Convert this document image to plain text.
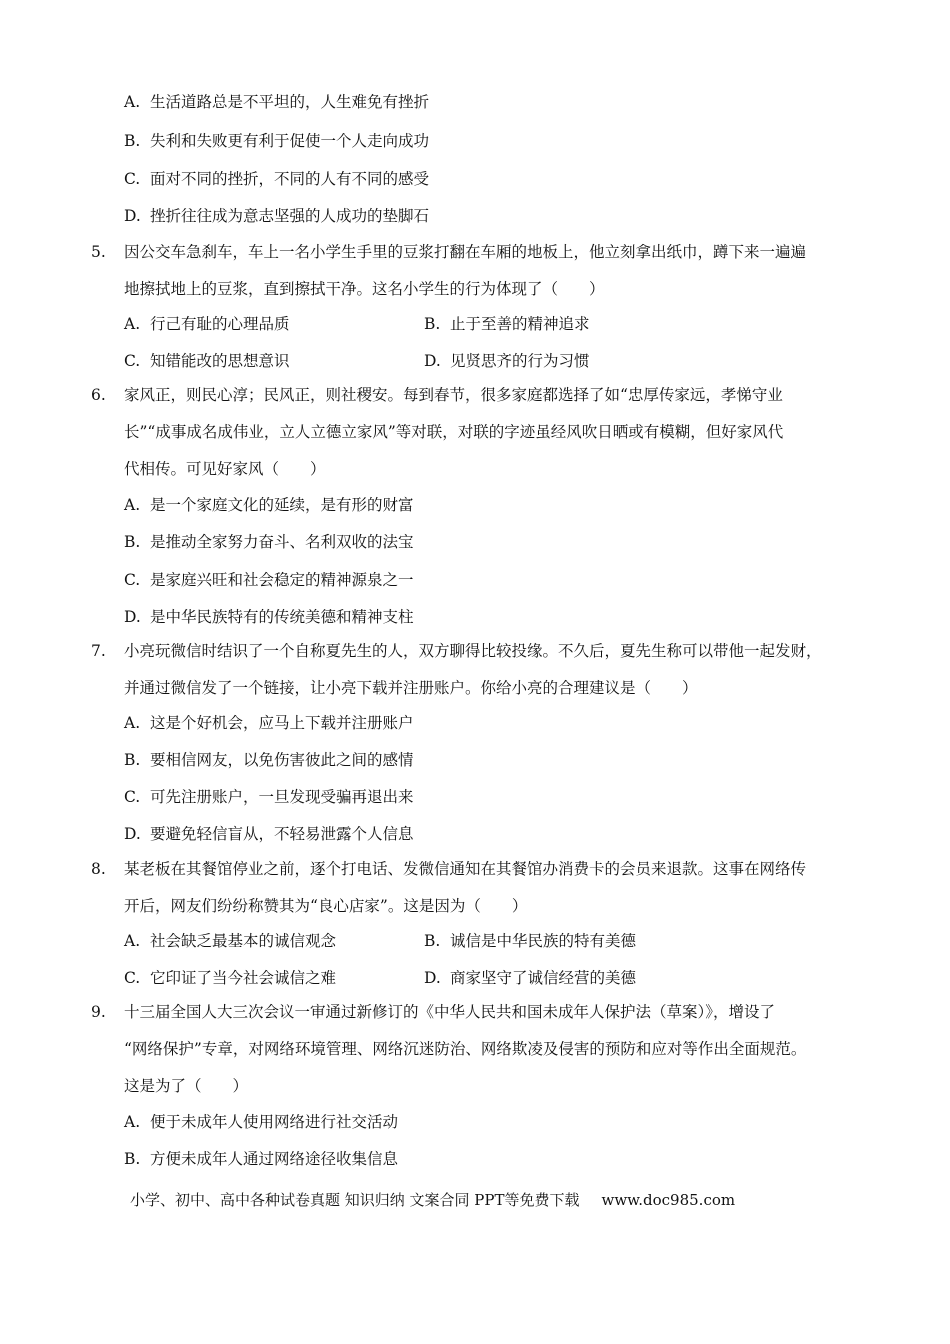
A. 生活道路总是不平坦的，人生难免有挫折
B. 失利和失败更有利于促使一个人走向成功
C. 面对不同的挫折，不同的人有不同的感受
D. 挫折往往成为意志坚强的人成功的垫脚石
5. 因公交车急刹车，车上一名小学生手里的豆浆打翻在车厢的地板上，他立刻拿出纸巾，蹲下来一遍遍
地擦拭地上的豆浆，直到擦拭干净。这名小学生的行为体现了（　　）
A. 行己有耻的心理品质	B. 止于至善的精神追求
C. 知错能改的思想意识	D. 见贤思齐的行为习惯
6. 家风正，则民心淳；民风正，则社稷安。每到春节，很多家庭都选择了如“忠厚传家远，孝悌守业
长”“成事成名成伟业，立人立德立家风”等对联，对联的字迹虽经风吹日晒或有模糊，但好家风代
代相传。可见好家风（　　）
A. 是一个家庭文化的延续，是有形的财富
B. 是推动全家努力奋斗、名利双收的法宝
C. 是家庭兴旺和社会稳定的精神源泉之一
D. 是中华民族特有的传统美德和精神支柱
7. 小亮玩微信时结识了一个自称夏先生的人，双方聊得比较投缘。不久后，夏先生称可以带他一起发财，
并通过微信发了一个链接，让小亮下载并注册账户。你给小亮的合理建议是（　　）
A. 这是个好机会，应马上下载并注册账户
B. 要相信网友，以免伤害彼此之间的感情
C. 可先注册账户，一旦发现受骗再退出来
D. 要避免轻信盲从，不轻易泄露个人信息
8. 某老板在其餐馆停业之前，逐个打电话、发微信通知在其餐馆办消费卡的会员来退款。这事在网络传
开后，网友们纷纷称赞其为“良心店家”。这是因为（　　）
A. 社会缺乏最基本的诚信观念	B. 诚信是中华民族的特有美德
C. 它印证了当今社会诚信之难	D. 商家坚守了诚信经营的美德
9. 十三届全国人大三次会议一审通过新修订的《中华人民共和国未成年人保护法（草案）》，增设了
“网络保护”专章，对网络环境管理、网络沉迷防治、网络欺凌及侵害的预防和应对等作出全面规范。
这是为了（　　）
A. 便于未成年人使用网络进行社交活动
B. 方便未成年人通过网络途径收集信息
小学、初中、高中各种试卷真题 知识归纳 文案合同 PPT等免费下载 www.doc985.com
